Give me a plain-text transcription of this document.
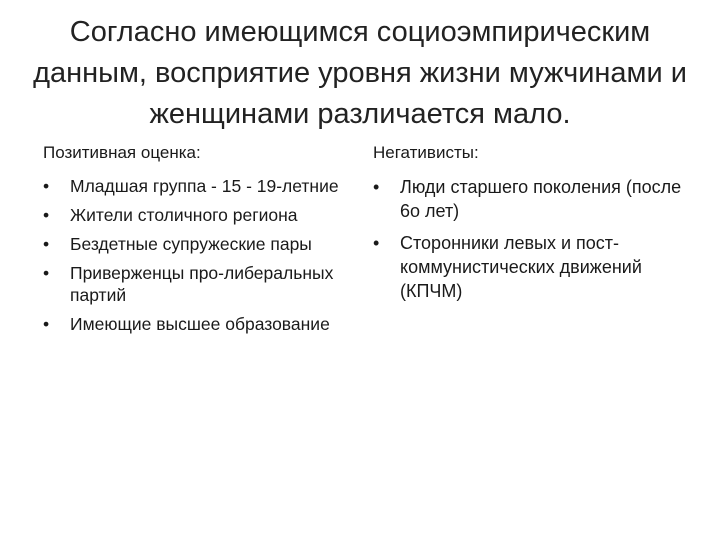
Согласно имеющимся социоэмпирическим данным, восприятие уровня жизни мужчинами и женщинами различается мало.
Позитивная оценка:
•	Младшая группа - 15 - 19-летние
•	Жители столичного региона
•	Бездетные супружеские пары
•	Приверженцы про-либеральных партий
•	Имеющие высшее образование
Негативисты:
•	Люди старшего поколения (после 6о лет)
•	Сторонники левых и пост-коммунистических движений (КПЧМ)
